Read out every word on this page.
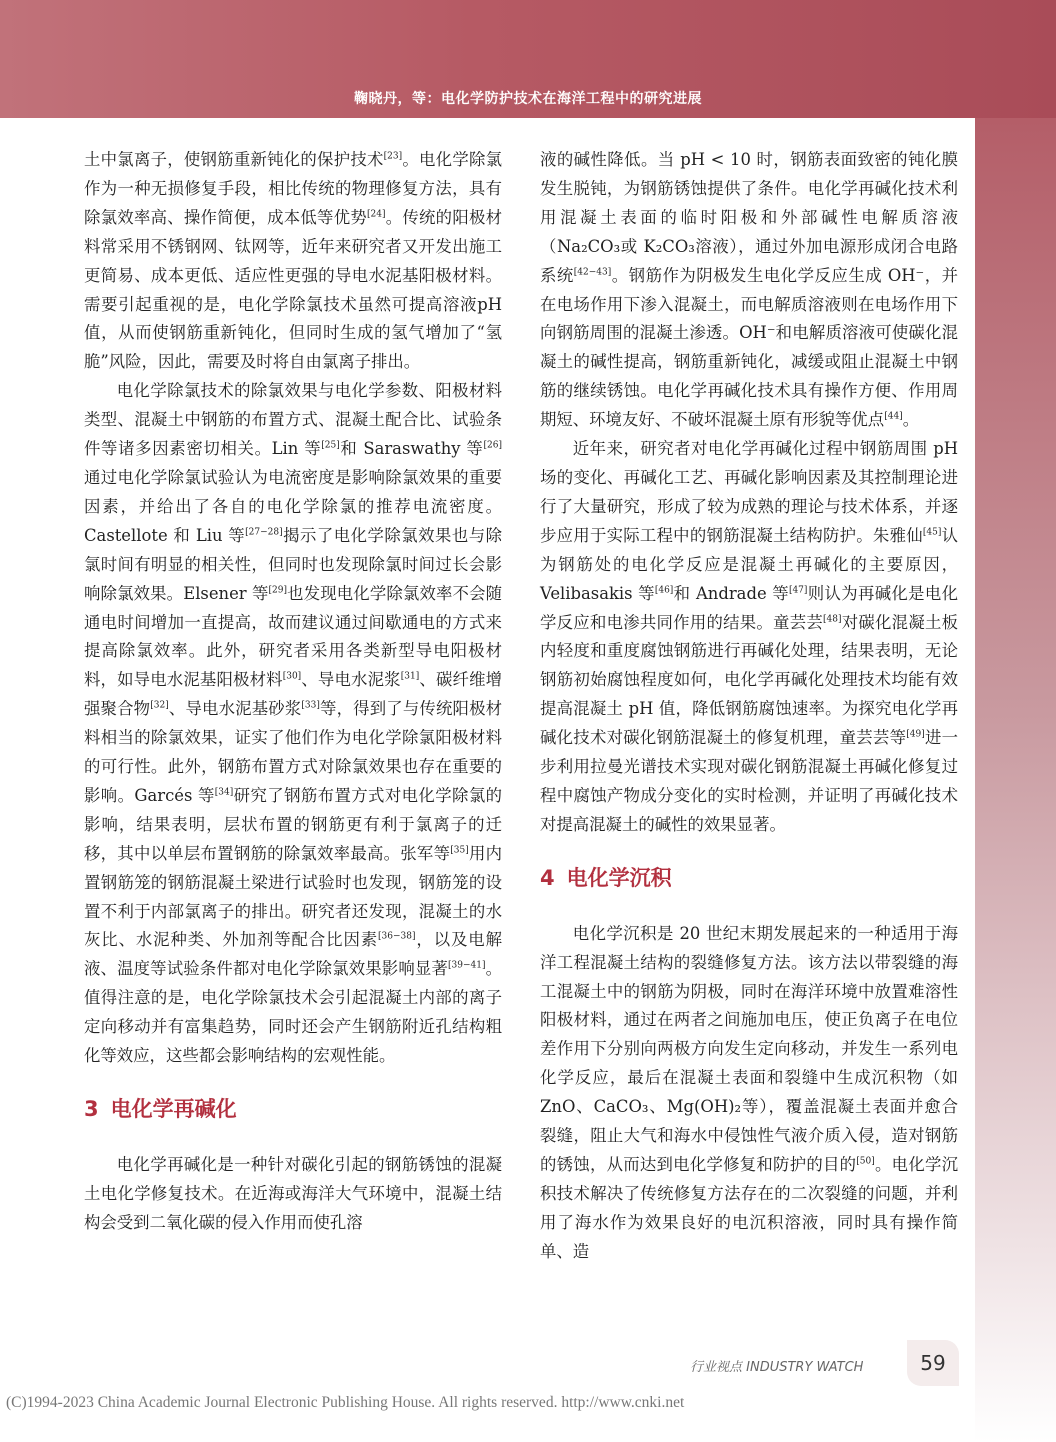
鞠晓丹，等：电化学防护技术在海洋工程中的研究进展

土中氯离子，使钢筋重新钝化的保护技术[23]。电化学除氯作为一种无损修复手段，相比传统的物理修复方法，具有除氯效率高、操作简便，成本低等优势[24]。传统的阳极材料常采用不锈钢网、钛网等，近年来研究者又开发出施工更简易、成本更低、适应性更强的导电水泥基阳极材料。需要引起重视的是，电化学除氯技术虽然可提高溶液pH值，从而使钢筋重新钝化，但同时生成的氢气增加了“氢脆”风险，因此，需要及时将自由氯离子排出。

电化学除氯技术的除氯效果与电化学参数、阳极材料类型、混凝土中钢筋的布置方式、混凝土配合比、试验条件等诸多因素密切相关。Lin 等[25]和 Saraswathy 等[26]通过电化学除氯试验认为电流密度是影响除氯效果的重要因素，并给出了各自的电化学除氯的推荐电流密度。Castellote 和 Liu 等[27−28]揭示了电化学除氯效果也与除氯时间有明显的相关性，但同时也发现除氯时间过长会影响除氯效果。Elsener 等[29]也发现电化学除氯效率不会随通电时间增加一直提高，故而建议通过间歇通电的方式来提高除氯效率。此外，研究者采用各类新型导电阳极材料，如导电水泥基阳极材料[30]、导电水泥浆[31]、碳纤维增强聚合物[32]、导电水泥基砂浆[33]等，得到了与传统阳极材料相当的除氯效果，证实了他们作为电化学除氯阳极材料的可行性。此外，钢筋布置方式对除氯效果也存在重要的影响。Garcés 等[34]研究了钢筋布置方式对电化学除氯的影响，结果表明，层状布置的钢筋更有利于氯离子的迁移，其中以单层布置钢筋的除氯效率最高。张军等[35]用内置钢筋笼的钢筋混凝土梁进行试验时也发现，钢筋笼的设置不利于内部氯离子的排出。研究者还发现，混凝土的水灰比、水泥种类、外加剂等配合比因素[36−38]，以及电解液、温度等试验条件都对电化学除氯效果影响显著[39−41]。值得注意的是，电化学除氯技术会引起混凝土内部的离子定向移动并有富集趋势，同时还会产生钢筋附近孔结构粗化等效应，这些都会影响结构的宏观性能。

3 电化学再碱化

电化学再碱化是一种针对碳化引起的钢筋锈蚀的混凝土电化学修复技术。在近海或海洋大气环境中，混凝土结构会受到二氧化碳的侵入作用而使孔溶

液的碱性降低。当 pH < 10 时，钢筋表面致密的钝化膜发生脱钝，为钢筋锈蚀提供了条件。电化学再碱化技术利用混凝土表面的临时阳极和外部碱性电解质溶液（Na₂CO₃或 K₂CO₃溶液），通过外加电源形成闭合电路系统[42−43]。钢筋作为阴极发生电化学反应生成 OH⁻，并在电场作用下渗入混凝土，而电解质溶液则在电场作用下向钢筋周围的混凝土渗透。OH⁻和电解质溶液可使碳化混凝土的碱性提高，钢筋重新钝化，减缓或阻止混凝土中钢筋的继续锈蚀。电化学再碱化技术具有操作方便、作用周期短、环境友好、不破坏混凝土原有形貌等优点[44]。

近年来，研究者对电化学再碱化过程中钢筋周围 pH 场的变化、再碱化工艺、再碱化影响因素及其控制理论进行了大量研究，形成了较为成熟的理论与技术体系，并逐步应用于实际工程中的钢筋混凝土结构防护。朱雅仙[45]认为钢筋处的电化学反应是混凝土再碱化的主要原因，Velibasakis 等[46]和 Andrade 等[47]则认为再碱化是电化学反应和电渗共同作用的结果。童芸芸[48]对碳化混凝土板内轻度和重度腐蚀钢筋进行再碱化处理，结果表明，无论钢筋初始腐蚀程度如何，电化学再碱化处理技术均能有效提高混凝土 pH 值，降低钢筋腐蚀速率。为探究电化学再碱化技术对碳化钢筋混凝土的修复机理，童芸芸等[49]进一步利用拉曼光谱技术实现对碳化钢筋混凝土再碱化修复过程中腐蚀产物成分变化的实时检测，并证明了再碱化技术对提高混凝土的碱性的效果显著。

4 电化学沉积

电化学沉积是 20 世纪末期发展起来的一种适用于海洋工程混凝土结构的裂缝修复方法。该方法以带裂缝的海工混凝土中的钢筋为阴极，同时在海洋环境中放置难溶性阳极材料，通过在两者之间施加电压，使正负离子在电位差作用下分别向两极方向发生定向移动，并发生一系列电化学反应，最后在混凝土表面和裂缝中生成沉积物（如 ZnO、CaCO₃、Mg(OH)₂等），覆盖混凝土表面并愈合裂缝，阻止大气和海水中侵蚀性气液介质入侵，造对钢筋的锈蚀，从而达到电化学修复和防护的目的[50]。电化学沉积技术解决了传统修复方法存在的二次裂缝的问题，并利用了海水作为效果良好的电沉积溶液，同时具有操作简单、造

行业视点 INDUSTRY WATCH	59
(C)1994-2023 China Academic Journal Electronic Publishing House. All rights reserved. http://www.cnki.net
